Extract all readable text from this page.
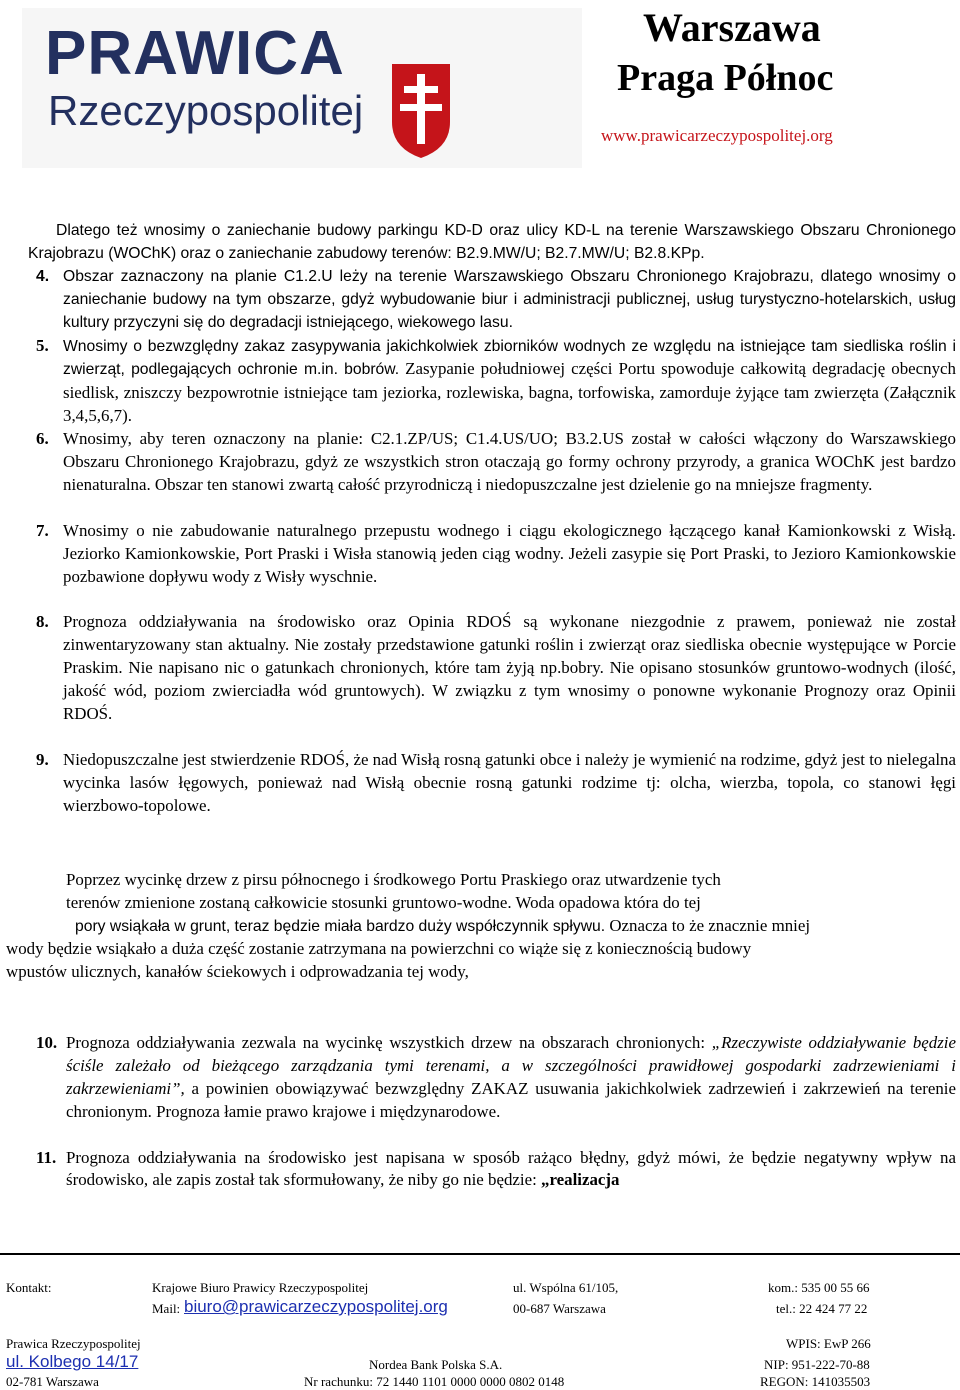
PRAWICA
Rzeczypospolitej
Warszawa
Praga Północ
www.prawicarzeczypospolitej.org

Dlatego też wnosimy o zaniechanie budowy parkingu KD-D oraz ulicy KD-L na terenie Warszawskiego Obszaru Chronionego Krajobrazu (WOChK) oraz o zaniechanie zabudowy terenów: B2.9.MW/U; B2.7.MW/U; B2.8.KPp.

4. Obszar zaznaczony na planie C1.2.U leży na terenie Warszawskiego Obszaru Chronionego Krajobrazu, dlatego wnosimy o zaniechanie budowy na tym obszarze, gdyż wybudowanie biur i administracji publicznej, usług turystyczno-hotelarskich, usług kultury przyczyni się do degradacji istniejącego, wiekowego lasu.
5. Wnosimy o bezwzględny zakaz zasypywania jakichkolwiek zbiorników wodnych ze względu na istniejące tam siedliska roślin i zwierząt, podlegających ochronie m.in. bobrów. Zasypanie południowej części Portu spowoduje całkowitą degradację obecnych siedlisk, zniszczy bezpowrotnie istniejące tam jeziorka, rozlewiska, bagna, torfowiska, zamorduje żyjące tam zwierzęta (Załącznik 3,4,5,6,7).
6. Wnosimy, aby teren oznaczony na planie: C2.1.ZP/US; C1.4.US/UO; B3.2.US został w całości włączony do Warszawskiego Obszaru Chronionego Krajobrazu, gdyż ze wszystkich stron otaczają go formy ochrony przyrody, a granica WOChK jest bardzo nienaturalna. Obszar ten stanowi zwartą całość przyrodniczą i niedopuszczalne jest dzielenie go na mniejsze fragmenty.
7. Wnosimy o nie zabudowanie naturalnego przepustu wodnego i ciągu ekologicznego łączącego kanał Kamionkowski z Wisłą. Jeziorko Kamionkowskie, Port Praski i Wisła stanowią jeden ciąg wodny. Jeżeli zasypie się Port Praski, to Jezioro Kamionkowskie pozbawione dopływu wody z Wisły wyschnie.
8. Prognoza oddziaływania na środowisko oraz Opinia RDOŚ są wykonane niezgodnie z prawem, ponieważ nie został zinwentaryzowany stan aktualny. Nie zostały przedstawione gatunki roślin i zwierząt oraz siedliska obecnie występujące w Porcie Praskim. Nie napisano nic o gatunkach chronionych, które tam żyją np.bobry. Nie opisano stosunków gruntowo-wodnych (ilość, jakość wód, poziom zwierciadła wód gruntowych). W związku z tym wnosimy o ponowne wykonanie Prognozy oraz Opinii RDOŚ.
9. Niedopuszczalne jest stwierdzenie RDOŚ, że nad Wisłą rosną gatunki obce i należy je wymienić na rodzime, gdyż jest to nielegalna wycinka lasów łęgowych, ponieważ nad Wisłą obecnie rosną gatunki rodzime tj: olcha, wierzba, topola, co stanowi łęgi wierzbowo-topolowe.
Poprzez wycinkę drzew z pirsu północnego i środkowego Portu Praskiego oraz utwardzenie tych
terenów zmienione zostaną całkowicie stosunki gruntowo-wodne. Woda opadowa która do tej
pory wsiąkała w grunt, teraz będzie miała bardzo duży współczynnik spływu. Oznacza to że znacznie mniej
wody będzie wsiąkało a duża część zostanie zatrzymana na powierzchni co wiąże się z koniecznością budowy
wpustów ulicznych, kanałów ściekowych i odprowadzania tej wody,
10. Prognoza oddziaływania zezwala na wycinkę wszystkich drzew na obszarach chronionych: „Rzeczywiste oddziaływanie będzie ściśle zależało od bieżącego zarządzania tymi terenami, a w szczególności prawidłowej gospodarki zadrzewieniami i zakrzewieniami”, a powinien obowiązywać bezwzględny ZAKAZ usuwania jakichkolwiek zadrzewień i zakrzewień na terenie chronionym. Prognoza łamie prawo krajowe i międzynarodowe.
11. Prognoza oddziaływania na środowisko jest napisana w sposób rażąco błędny, gdyż mówi, że będzie negatywny wpływ na środowisko, ale zapis został tak sformułowany, że niby go nie będzie: „realizacja
Kontakt:	Krajowe Biuro Prawicy Rzeczypospolitej
Mail: biuro@prawicarzeczypospolitej.org
ul. Wspólna 61/105,
00-687 Warszawa
kom.: 535 00 55 66
tel.: 22 424 77 22
Prawica Rzeczypospolitej
ul. Kolbego 14/17
02-781 Warszawa
Nordea Bank Polska S.A.
Nr rachunku: 72 1440 1101 0000 0000 0802 0148
WPIS: EwP 266
NIP: 951-222-70-88
REGON: 141035503
